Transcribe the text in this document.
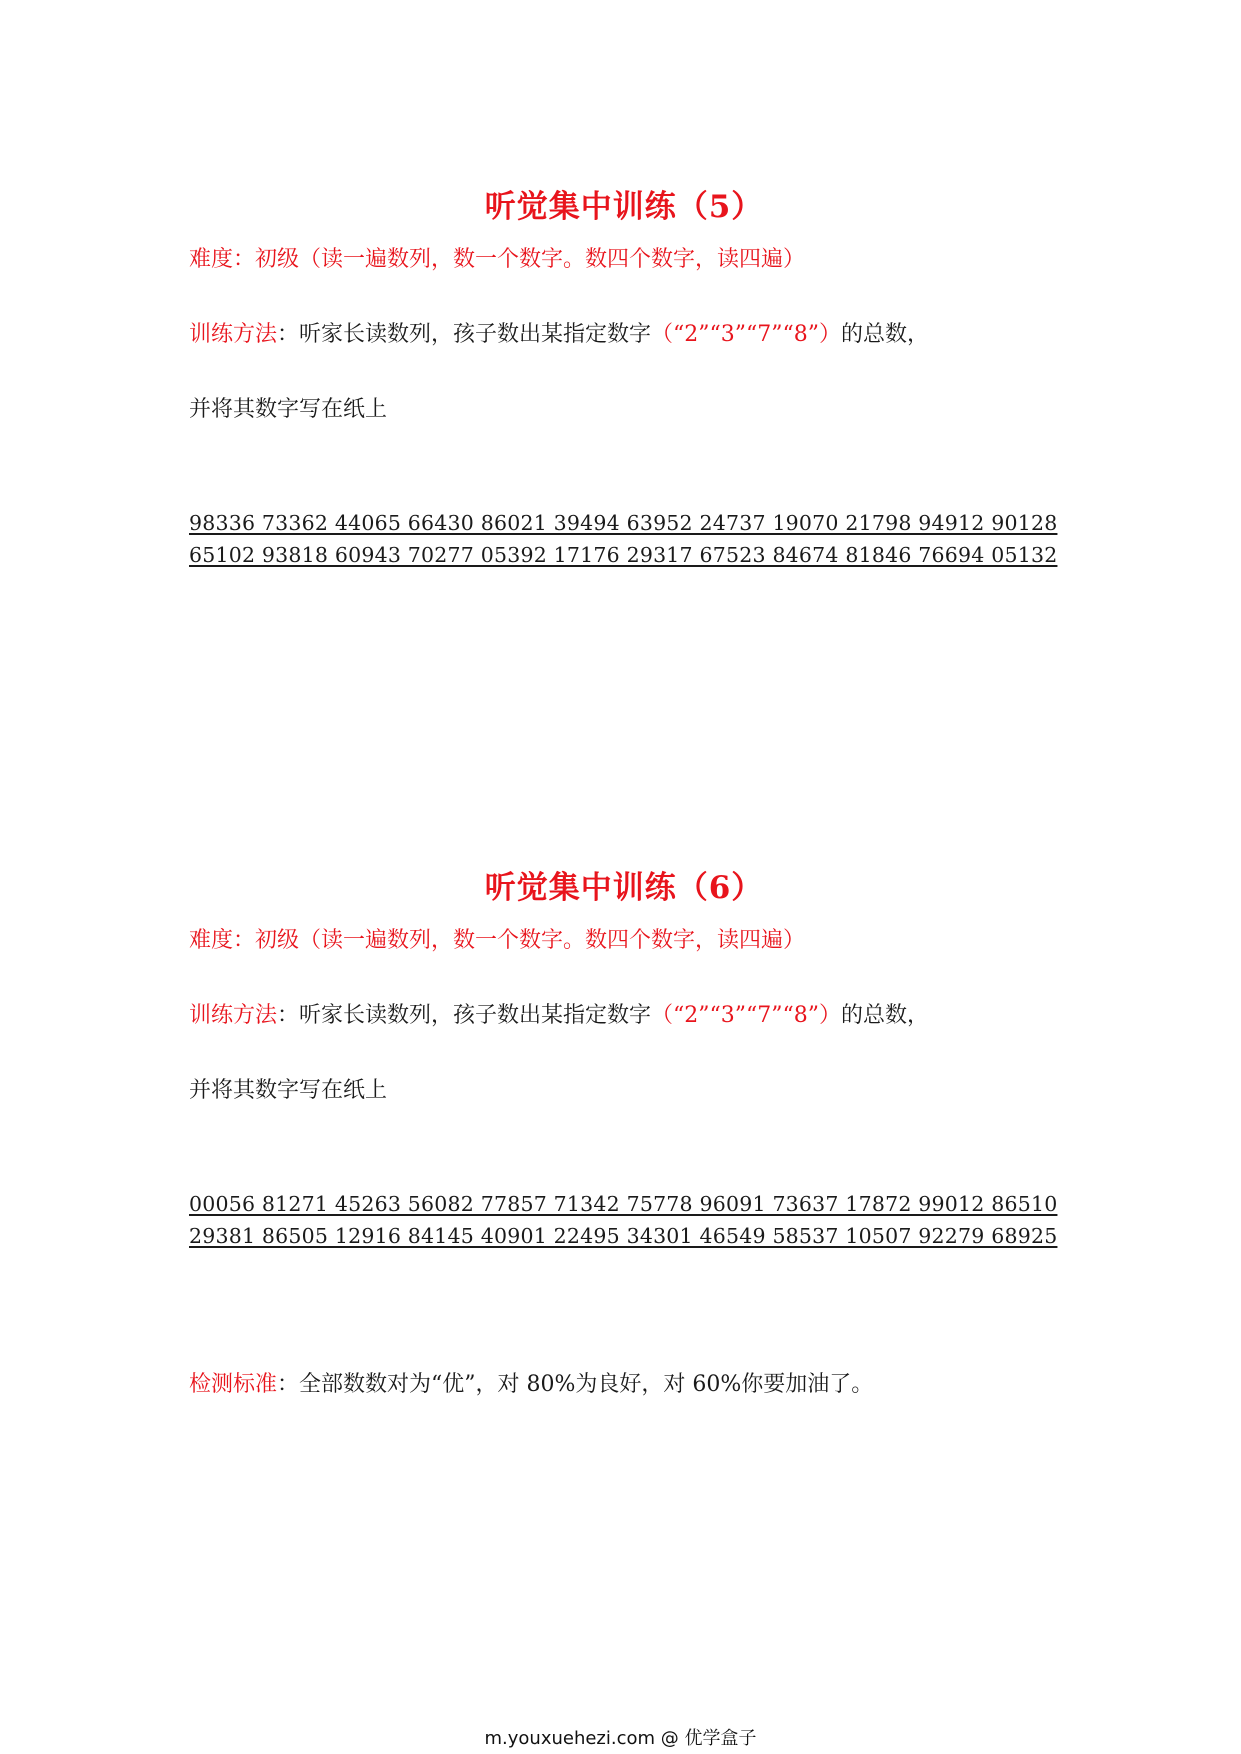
听觉集中训练（5）
难度：初级（读一遍数列，数一个数字。数四个数字，读四遍）
训练方法：听家长读数列，孩子数出某指定数字（“2”“3”“7”“8”）的总数，
并将其数字写在纸上
98336 73362 44065 66430 86021 39494 63952 24737 19070 21798 94912 90128
65102 93818 60943 70277 05392 17176 29317 67523 84674 81846 76694 05132
听觉集中训练（6）
难度：初级（读一遍数列，数一个数字。数四个数字，读四遍）
训练方法：听家长读数列，孩子数出某指定数字（“2”“3”“7”“8”）的总数，
并将其数字写在纸上
00056 81271 45263 56082 77857 71342 75778 96091 73637 17872 99012 86510
29381 86505 12916 84145 40901 22495 34301 46549 58537 10507 92279 68925
检测标准：全部数数对为“优”，对 80%为良好，对 60%你要加油了。
m.youxuehezi.com @ 优学盒子
